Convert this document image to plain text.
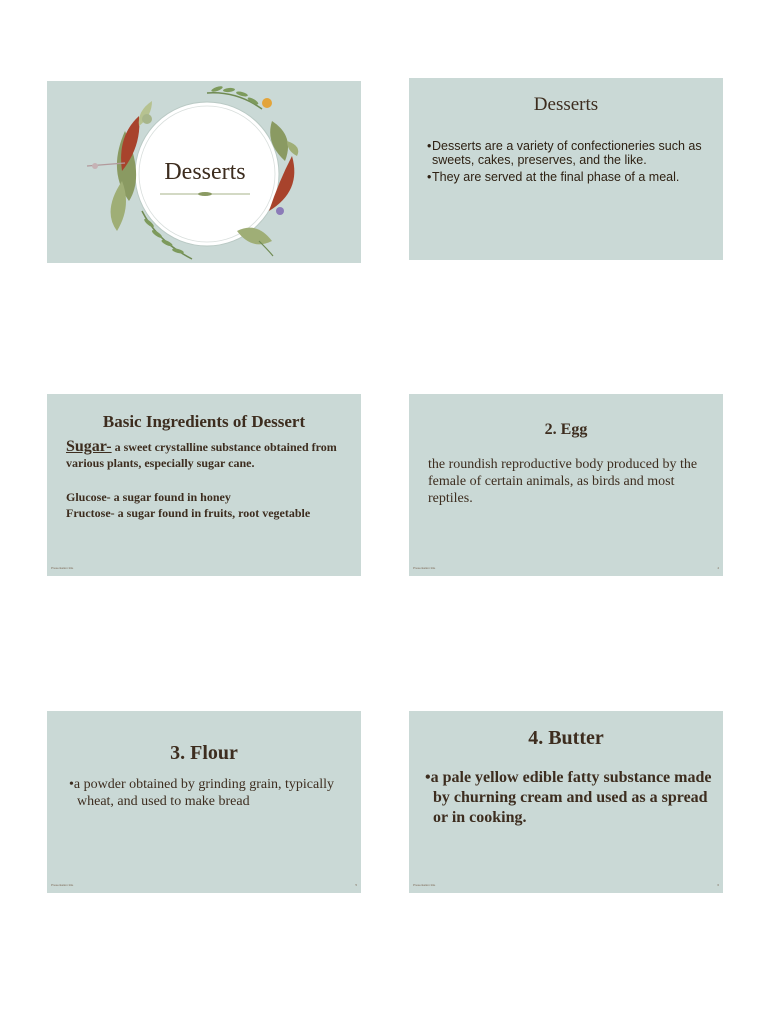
Desserts
Desserts
•Desserts are a variety of confectioneries such as sweets, cakes, preserves, and the like.
•They are served at the final phase of a meal.
Basic Ingredients of Dessert

Sugar- a sweet crystalline substance obtained from various plants, especially sugar cane.

Glucose- a sugar found in honey

Fructose- a sugar found in fruits, root vegetable

Presentation title
2. Egg
the roundish reproductive body produced by the female of certain animals, as birds and most reptiles.
Presentation title	4
3. Flour
•a powder obtained by grinding grain, typically wheat, and used to make bread
Presentation title	5
4. Butter
•a pale yellow edible fatty substance made by churning cream and used as a spread or in cooking.
Presentation title	6
